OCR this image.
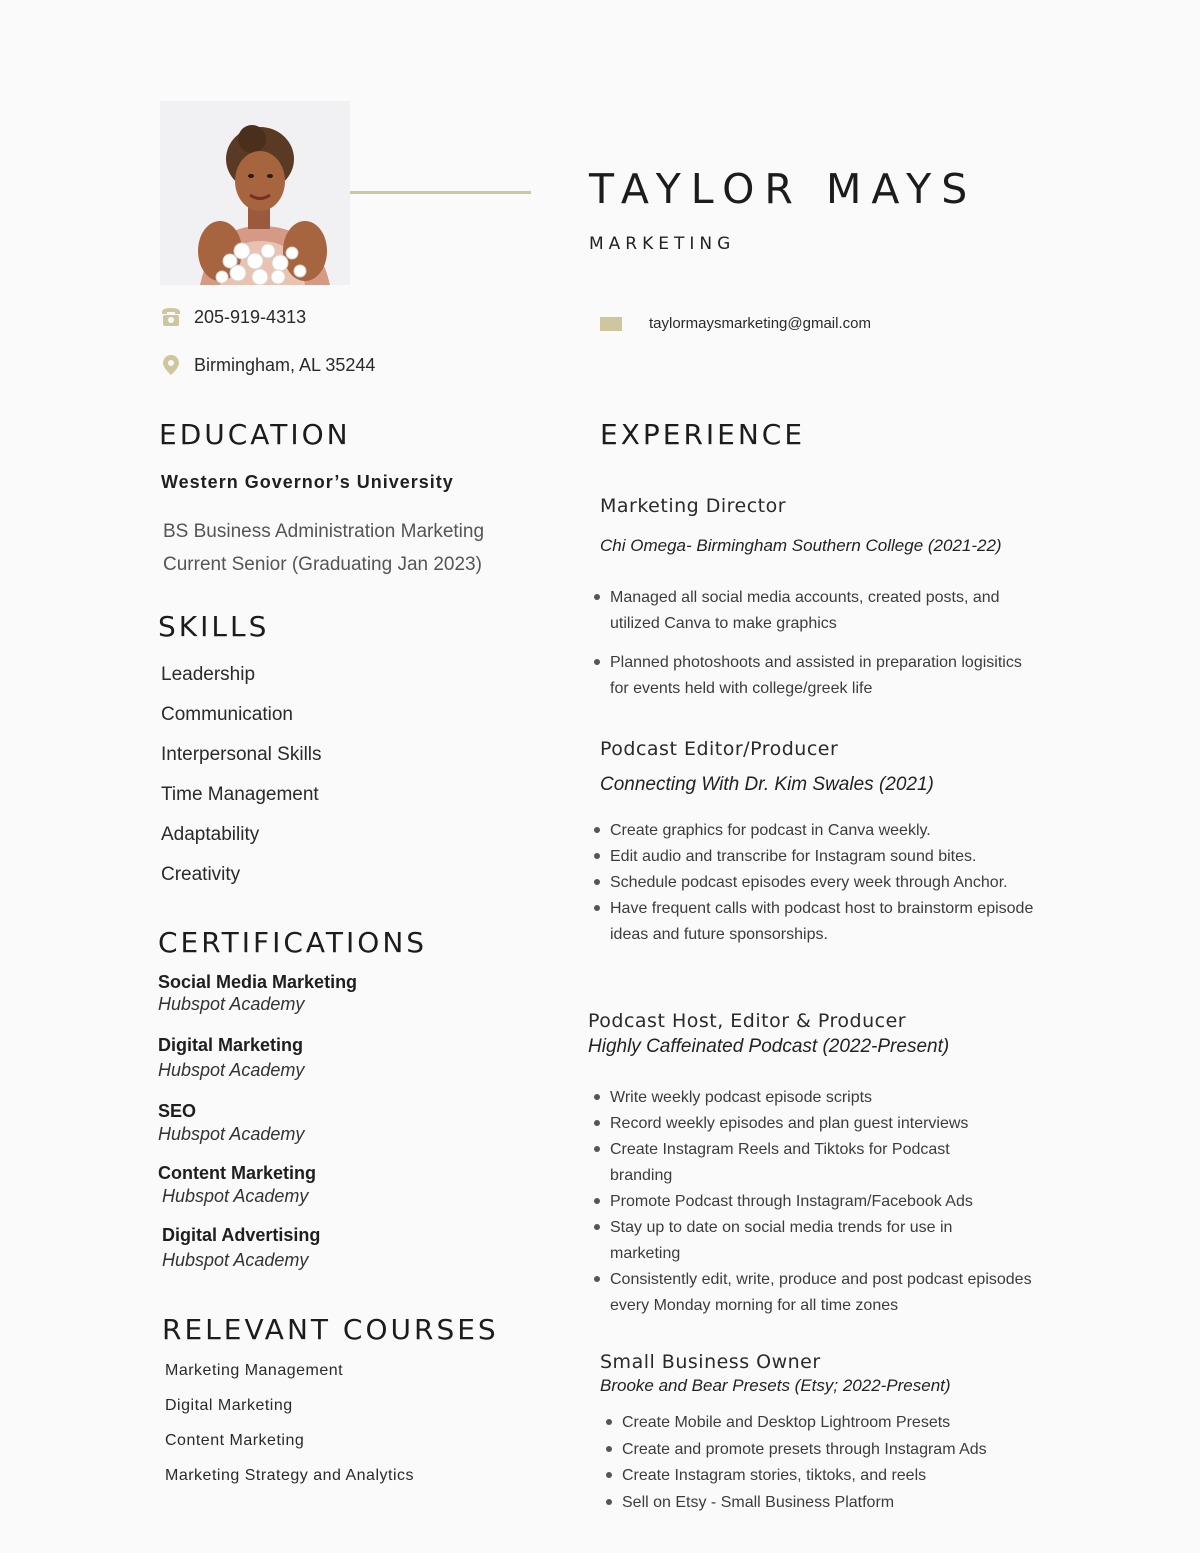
TAYLOR MAYS
MARKETING
205-919-4313
Birmingham, AL 35244
taylormaysmarketing@gmail.com
EDUCATION
Western Governor’s University
BS Business Administration Marketing
Current Senior (Graduating Jan 2023)
SKILLS
Leadership
Communication
Interpersonal Skills
Time Management
Adaptability
Creativity
CERTIFICATIONS
Social Media Marketing
Hubspot Academy
Digital Marketing
Hubspot Academy
SEO
Hubspot Academy
Content Marketing
Hubspot Academy
Digital Advertising
Hubspot Academy
RELEVANT COURSES
Marketing Management
Digital Marketing
Content Marketing
Marketing Strategy and Analytics
EXPERIENCE
Marketing Director
Chi Omega- Birmingham Southern College (2021-22)
Managed all social media accounts, created posts, and utilized Canva to make graphics
Planned photoshoots and assisted in preparation logisitics for events held with college/greek life
Podcast Editor/Producer
Connecting With Dr. Kim Swales (2021)
Create graphics for podcast in Canva weekly.
Edit audio and transcribe for Instagram sound bites.
Schedule podcast episodes every week through Anchor.
Have frequent calls with podcast host to brainstorm episode ideas and future sponsorships.
Podcast Host, Editor & Producer
Highly Caffeinated Podcast (2022-Present)
Write weekly podcast episode scripts
Record weekly episodes and plan guest interviews
Create Instagram Reels and Tiktoks for Podcast branding
Promote Podcast through Instagram/Facebook Ads
Stay up to date on social media trends for use in marketing
Consistently edit, write, produce and post podcast episodes every Monday morning for all time zones
Small Business Owner
Brooke and Bear Presets (Etsy; 2022-Present)
Create Mobile and Desktop Lightroom Presets
Create and promote presets through Instagram Ads
Create Instagram stories, tiktoks, and reels
Sell on Etsy - Small Business Platform
